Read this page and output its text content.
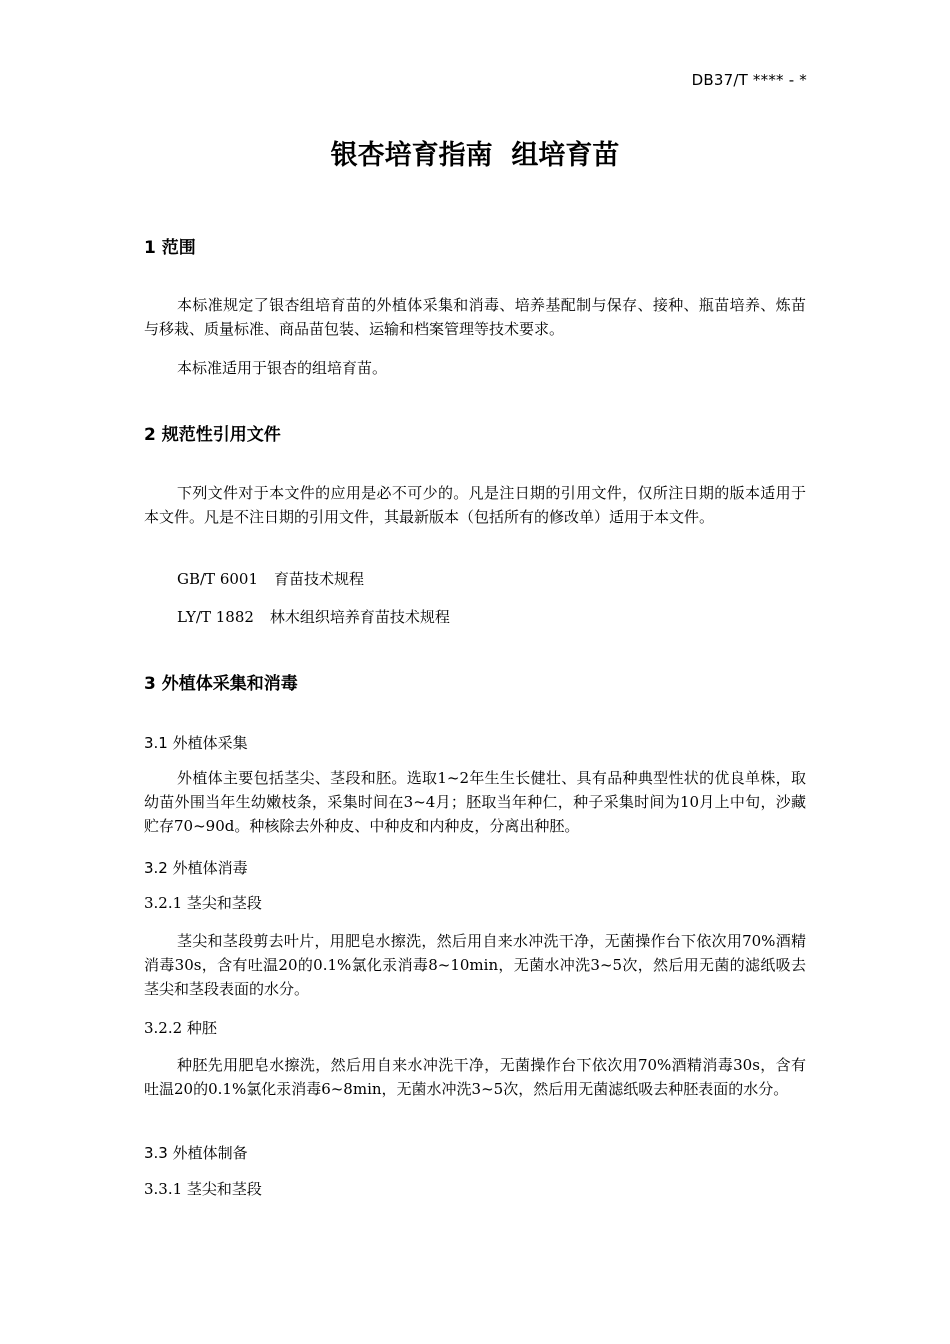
DB37/T **** - *
银杏培育指南  组培育苗
1 范围
本标准规定了银杏组培育苗的外植体采集和消毒、培养基配制与保存、接种、瓶苗培养、炼苗与移栽、质量标准、商品苗包装、运输和档案管理等技术要求。
本标准适用于银杏的组培育苗。
2 规范性引用文件
下列文件对于本文件的应用是必不可少的。凡是注日期的引用文件，仅所注日期的版本适用于本文件。凡是不注日期的引用文件，其最新版本（包括所有的修改单）适用于本文件。
GB/T 6001 育苗技术规程
LY/T 1882 林木组织培养育苗技术规程
3 外植体采集和消毒
3.1 外植体采集
外植体主要包括茎尖、茎段和胚。选取1~2年生生长健壮、具有品种典型性状的优良单株，取幼苗外围当年生幼嫩枝条，采集时间在3~4月；胚取当年种仁，种子采集时间为10月上中旬，沙藏贮存70~90d。种核除去外种皮、中种皮和内种皮，分离出种胚。
3.2 外植体消毒
3.2.1 茎尖和茎段
茎尖和茎段剪去叶片，用肥皂水擦洗，然后用自来水冲洗干净，无菌操作台下依次用70%酒精消毒30s，含有吐温20的0.1%氯化汞消毒8~10min，无菌水冲洗3~5次，然后用无菌的滤纸吸去茎尖和茎段表面的水分。
3.2.2 种胚
种胚先用肥皂水擦洗，然后用自来水冲洗干净，无菌操作台下依次用70%酒精消毒30s，含有吐温20的0.1%氯化汞消毒6~8min，无菌水冲洗3~5次，然后用无菌滤纸吸去种胚表面的水分。
3.3 外植体制备
3.3.1 茎尖和茎段
